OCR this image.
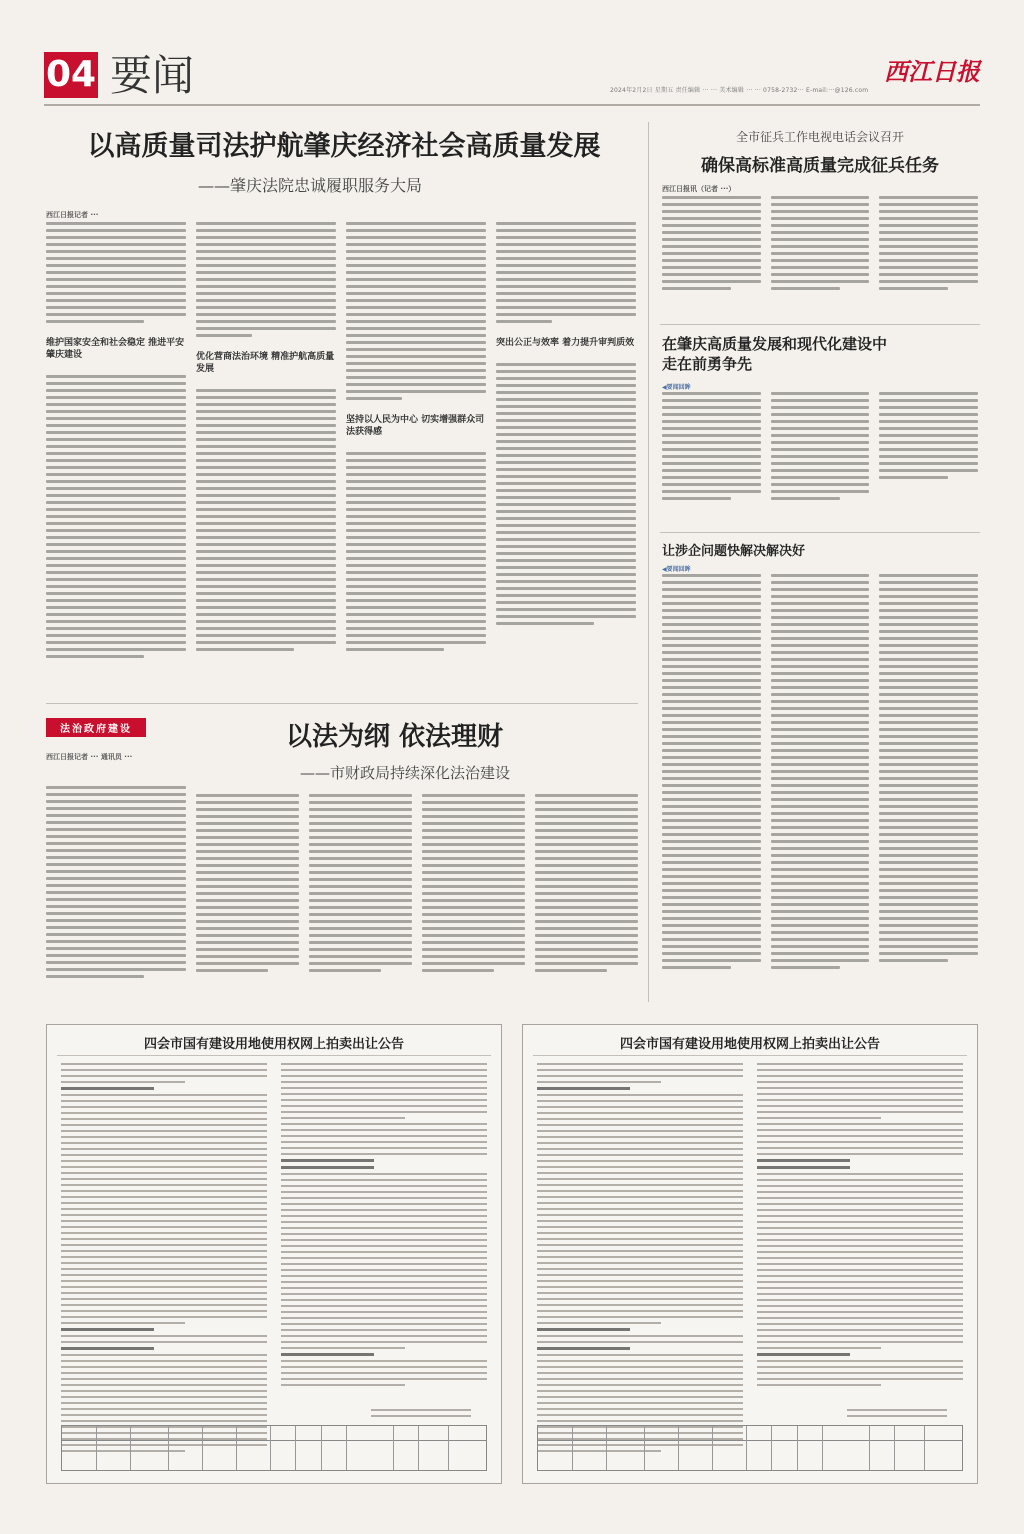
04 要闻	2024年2月2日 星期五 责任编辑 ··· ··· 美术编辑 ··· ··· 0758-2732··· E-mail:···@126.com
西江日报
以高质量司法护航肇庆经济社会高质量发展
——肇庆法院忠诚履职服务大局
西江日报记者 ···
维护国家安全和社会稳定 推进平安肇庆建设	优化营商法治环境 精准护航高质量发展
坚持以人民为中心 切实增强群众司法获得感
突出公正与效率 着力提升审判质效
全市征兵工作电视电话会议召开
确保高标准高质量完成征兵任务
西江日报讯（记者 ···）
在肇庆高质量发展和现代化建设中
走在前勇争先
◀要闻回眸
让涉企问题快解决解决好
◀要闻回眸
法治政府建设	以法为纲 依法理财
——市财政局持续深化法治建设
西江日报记者 ··· 通讯员 ···
四会市国有建设用地使用权网上拍卖出让公告	四会市国有建设用地使用权网上拍卖出让公告
